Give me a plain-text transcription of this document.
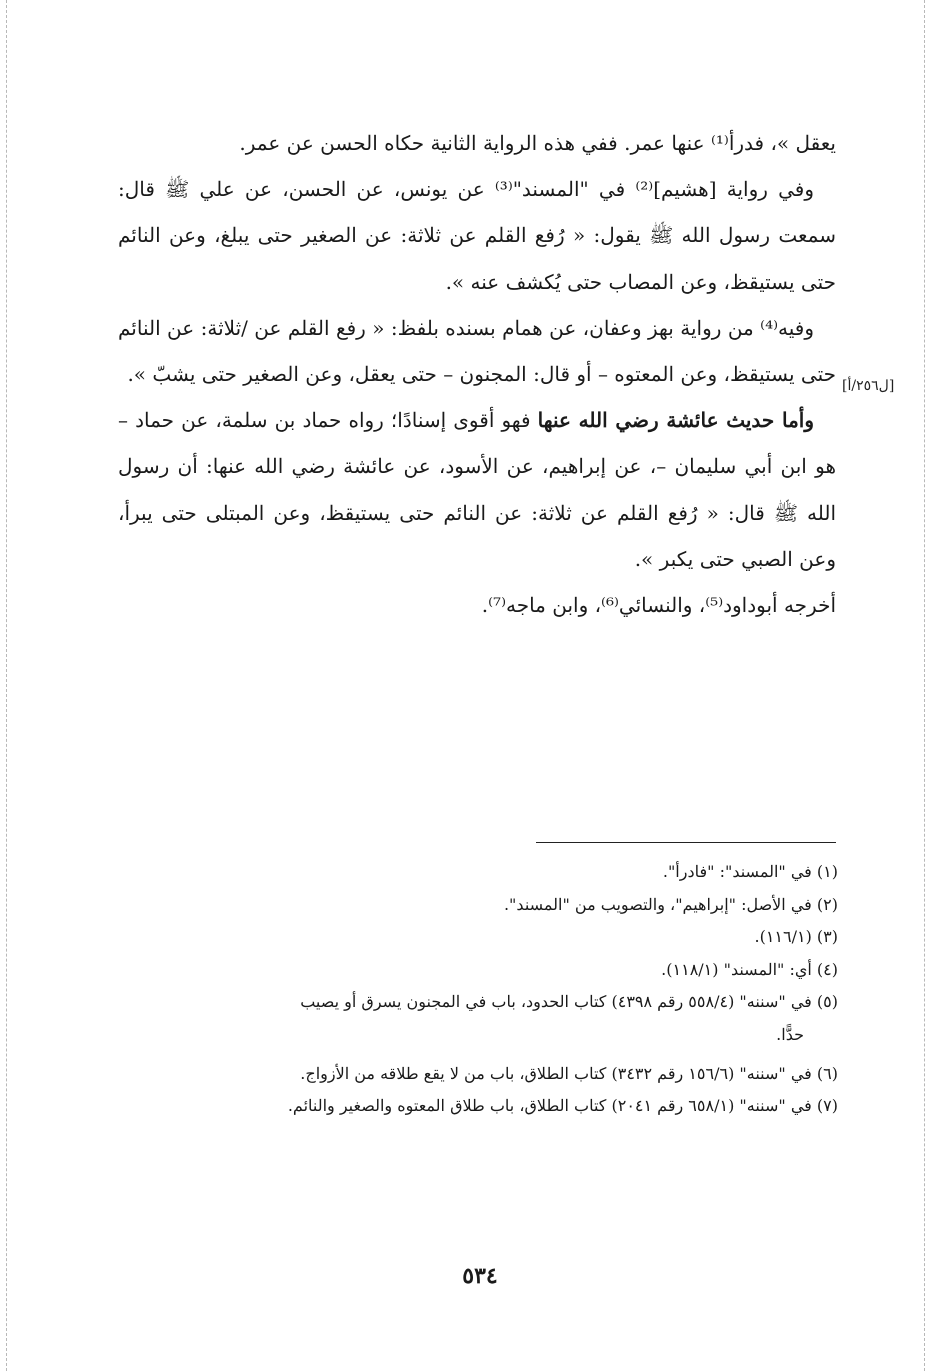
يعقل »، فدرأ⁽¹⁾ عنها عمر. ففي هذه الرواية الثانية حكاه الحسن عن عمر.

وفي رواية [هشيم]⁽²⁾ في "المسند"⁽³⁾ عن يونس، عن الحسن، عن علي ﷺ قال: سمعت رسول الله ﷺ يقول: « رُفع القلم عن ثلاثة: عن الصغير حتى يبلغ، وعن النائم حتى يستيقظ، وعن المصاب حتى يُكشف عنه ».

وفيه⁽⁴⁾ من رواية بهز وعفان، عن همام بسنده بلفظ: « رفع القلم عن /ثلاثة: عن النائم حتى يستيقظ، وعن المعتوه – أو قال: المجنون – حتى يعقل، وعن الصغير حتى يشبّ ».

وأما حديث عائشة رضي الله عنها فهو أقوى إسنادًا؛ رواه حماد بن سلمة، عن حماد – هو ابن أبي سليمان –، عن إبراهيم، عن الأسود، عن عائشة رضي الله عنها: أن رسول الله ﷺ قال: « رُفع القلم عن ثلاثة: عن النائم حتى يستيقظ، وعن المبتلى حتى يبرأ، وعن الصبي حتى يكبر ».

أخرجه أبوداود⁽⁵⁾، والنسائي⁽⁶⁾، وابن ماجه⁽⁷⁾.

[ل٢٥٦/أ]

(١) في "المسند": "فادرأ".

(٢) في الأصل: "إبراهيم"، والتصويب من "المسند".

(٣) (١١٦/١).

(٤) أي: "المسند" (١١٨/١).

(٥) في "سننه" (٥٥٨/٤ رقم ٤٣٩٨) كتاب الحدود، باب في المجنون يسرق أو يصيب

حدًّا.

(٦) في "سننه" (١٥٦/٦ رقم ٣٤٣٢) كتاب الطلاق، باب من لا يقع طلاقه من الأزواج.

(٧) في "سننه" (٦٥٨/١ رقم ٢٠٤١) كتاب الطلاق، باب طلاق المعتوه والصغير والنائم.

٥٣٤
